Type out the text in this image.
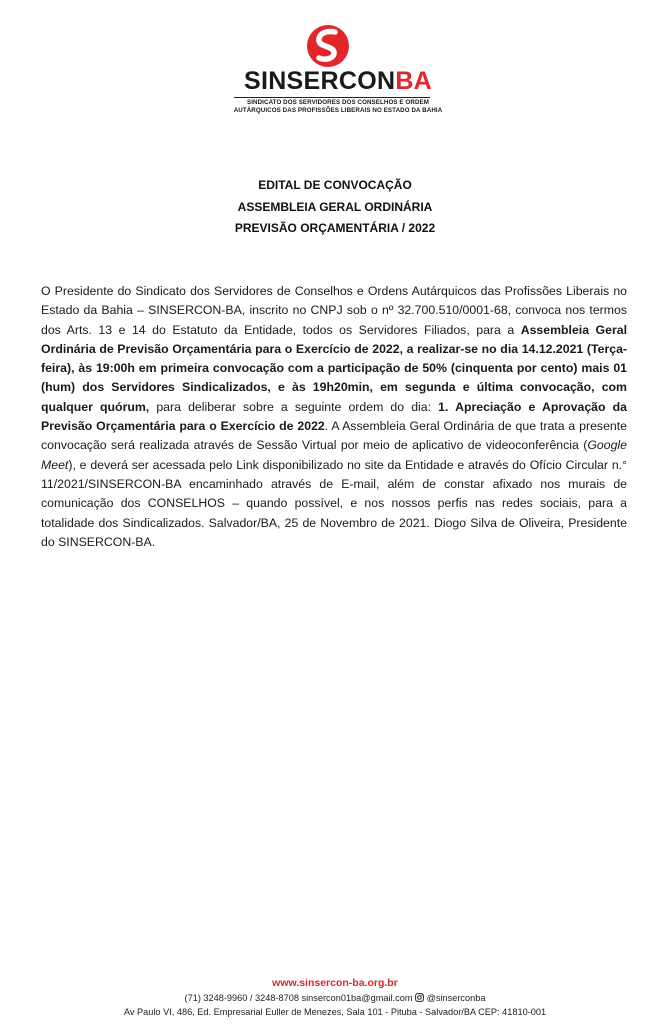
SINSERCONBA
SINDICATO DOS SERVIDORES DOS CONSELHOS E ORDEM
AUTÁRQUICOS DAS PROFISSÕES LIBERAIS NO ESTADO DA BAHIA
EDITAL DE CONVOCAÇÃO
ASSEMBLEIA GERAL ORDINÁRIA
PREVISÃO ORÇAMENTÁRIA / 2022
O Presidente do Sindicato dos Servidores de Conselhos e Ordens Autárquicos das Profissões Liberais no Estado da Bahia – SINSERCON-BA, inscrito no CNPJ sob o nº 32.700.510/0001-68, convoca nos termos dos Arts. 13 e 14 do Estatuto da Entidade, todos os Servidores Filiados, para a Assembleia Geral Ordinária de Previsão Orçamentária para o Exercício de 2022, a realizar-se no dia 14.12.2021 (Terça-feira), às 19:00h em primeira convocação com a participação de 50% (cinquenta por cento) mais 01 (hum) dos Servidores Sindicalizados, e às 19h20min, em segunda e última convocação, com qualquer quórum, para deliberar sobre a seguinte ordem do dia: 1. Apreciação e Aprovação da Previsão Orçamentária para o Exercício de 2022. A Assembleia Geral Ordinária de que trata a presente convocação será realizada através de Sessão Virtual por meio de aplicativo de videoconferência (Google Meet), e deverá ser acessada pelo Link disponibilizado no site da Entidade e através do Ofício Circular n.° 11/2021/SINSERCON-BA encaminhado através de E-mail, além de constar afixado nos murais de comunicação dos CONSELHOS – quando possível, e nos nossos perfis nas redes sociais, para a totalidade dos Sindicalizados. Salvador/BA, 25 de Novembro de 2021. Diogo Silva de Oliveira, Presidente do SINSERCON-BA.
www.sinsercon-ba.org.br
(71) 3248-9960 / 3248-8708 sinsercon01ba@gmail.com  @sinserconba
Av Paulo VI, 486, Ed. Empresarial Euller de Menezes, Sala 101 - Pituba - Salvador/BA CEP: 41810-001
